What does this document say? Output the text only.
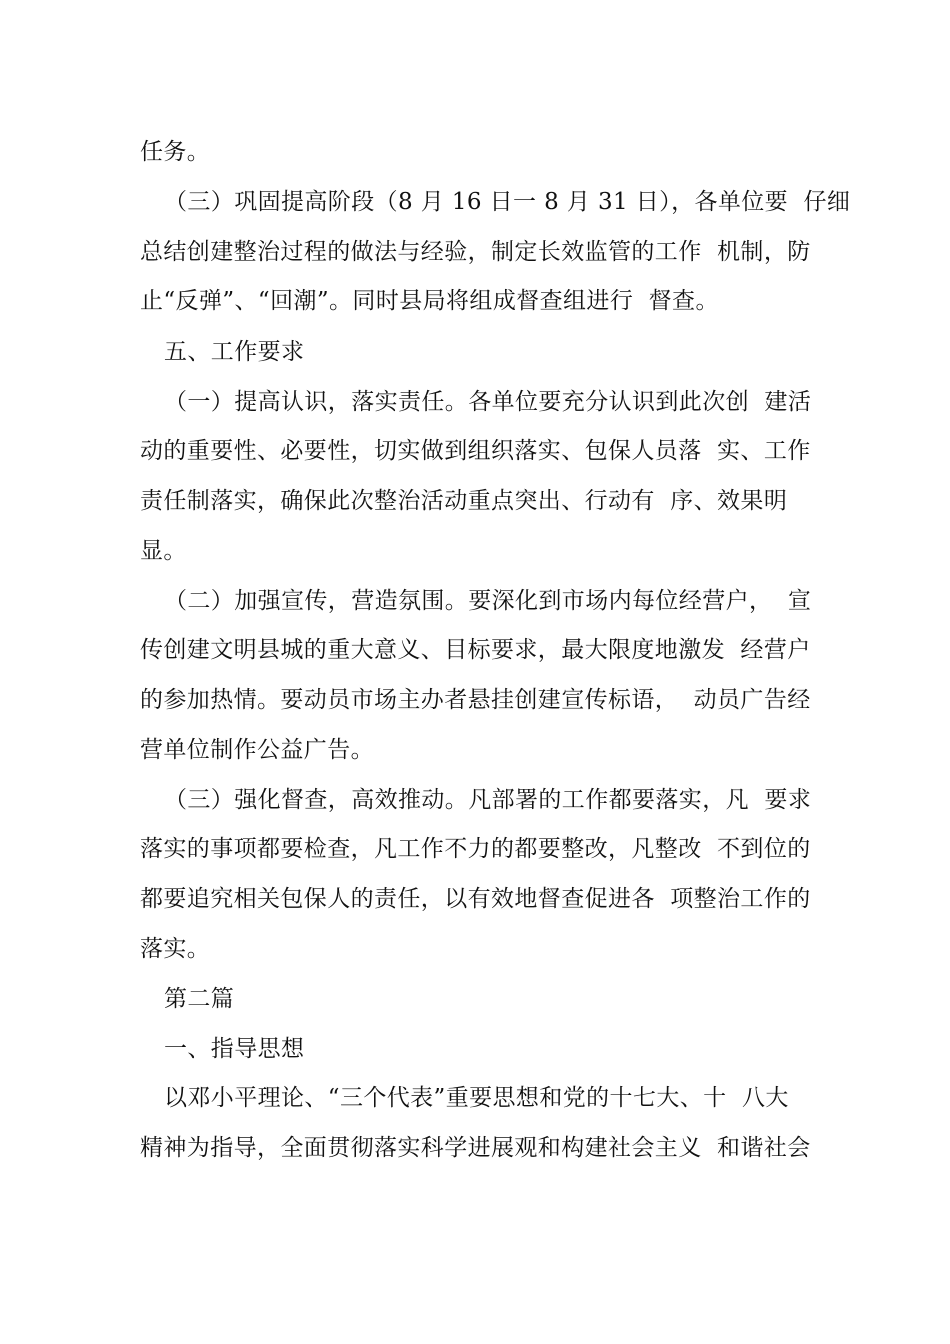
任务。
（三）巩固提高阶段（8 月 16 日一 8 月 31 日），各单位要  仔细
总结创建整治过程的做法与经验，制定长效监管的工作  机制，防
止“反弹”、“回潮”。同时县局将组成督查组进行  督查。
五、工作要求
（一）提高认识，落实责任。各单位要充分认识到此次创  建活
动的重要性、必要性，切实做到组织落实、包保人员落  实、工作
责任制落实，确保此次整治活动重点突出、行动有  序、效果明
显。
（二）加强宣传，营造氛围。要深化到市场内每位经营户，  宣
传创建文明县城的重大意义、目标要求，最大限度地激发  经营户
的参加热情。要动员市场主办者悬挂创建宣传标语，  动员广告经
营单位制作公益广告。
（三）强化督查，高效推动。凡部署的工作都要落实，凡  要求
落实的事项都要检查，凡工作不力的都要整改，凡整改  不到位的
都要追究相关包保人的责任，以有效地督查促进各  项整治工作的
落实。
第二篇
一、指导思想
以邓小平理论、“三个代表”重要思想和党的十七大、十  八大
精神为指导，全面贯彻落实科学进展观和构建社会主义  和谐社会
